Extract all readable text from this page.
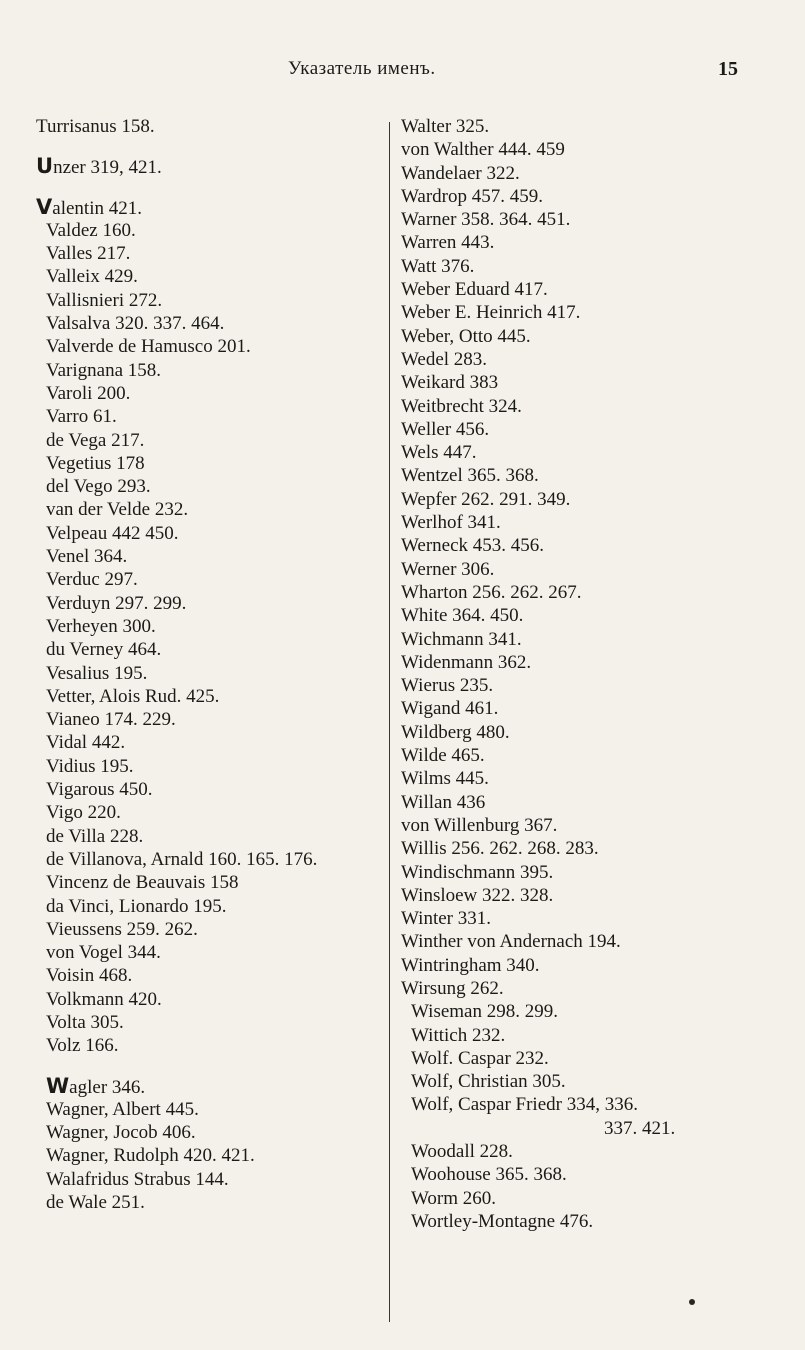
Указатель именъ.	15
Turrisanus 158.
Unzer 319, 421.
Valentin 421.
Valdez 160.
Valles 217.
Valleix 429.
Vallisnieri 272.
Valsalva 320. 337. 464.
Valverde de Hamusco 201.
Varignana 158.
Varoli 200.
Varro 61.
de Vega 217.
Vegetius 178
del Vego 293.
van der Velde 232.
Velpeau 442 450.
Venel 364.
Verduc 297.
Verduyn 297. 299.
Verheyen 300.
du Verney 464.
Vesalius 195.
Vetter, Alois Rud. 425.
Vianeo 174. 229.
Vidal 442.
Vidius 195.
Vigarous 450.
Vigo 220.
de Villa 228.
de Villanova, Arnald 160. 165. 176.
Vincenz de Beauvais 158
da Vinci, Lionardo 195.
Vieussens 259. 262.
von Vogel 344.
Voisin 468.
Volkmann 420.
Volta 305.
Volz 166.
Wagler 346.
Wagner, Albert 445.
Wagner, Jocob 406.
Wagner, Rudolph 420. 421.
Walafridus Strabus 144.
de Wale 251.
Walter 325.
von Walther 444. 459
Wandelaer 322.
Wardrop 457. 459.
Warner 358. 364. 451.
Warren 443.
Watt 376.
Weber Eduard 417.
Weber E. Heinrich 417.
Weber, Otto 445.
Wedel 283.
Weikard 383
Weitbrecht 324.
Weller 456.
Wels 447.
Wentzel 365. 368.
Wepfer 262. 291. 349.
Werlhof 341.
Werneck 453. 456.
Werner 306.
Wharton 256. 262. 267.
White 364. 450.
Wichmann 341.
Widenmann 362.
Wierus 235.
Wigand 461.
Wildberg 480.
Wilde 465.
Wilms 445.
Willan 436
von Willenburg 367.
Willis 256. 262. 268. 283.
Windischmann 395.
Winsloew 322. 328.
Winter 331.
Winther von Andernach 194.
Wintringham 340.
Wirsung 262.
Wiseman 298. 299.
Wittich 232.
Wolf. Caspar 232.
Wolf, Christian 305.
Wolf, Caspar Friedr 334, 336.
337. 421.
Woodall 228.
Woohouse 365. 368.
Worm 260.
Wortley-Montagne 476.
